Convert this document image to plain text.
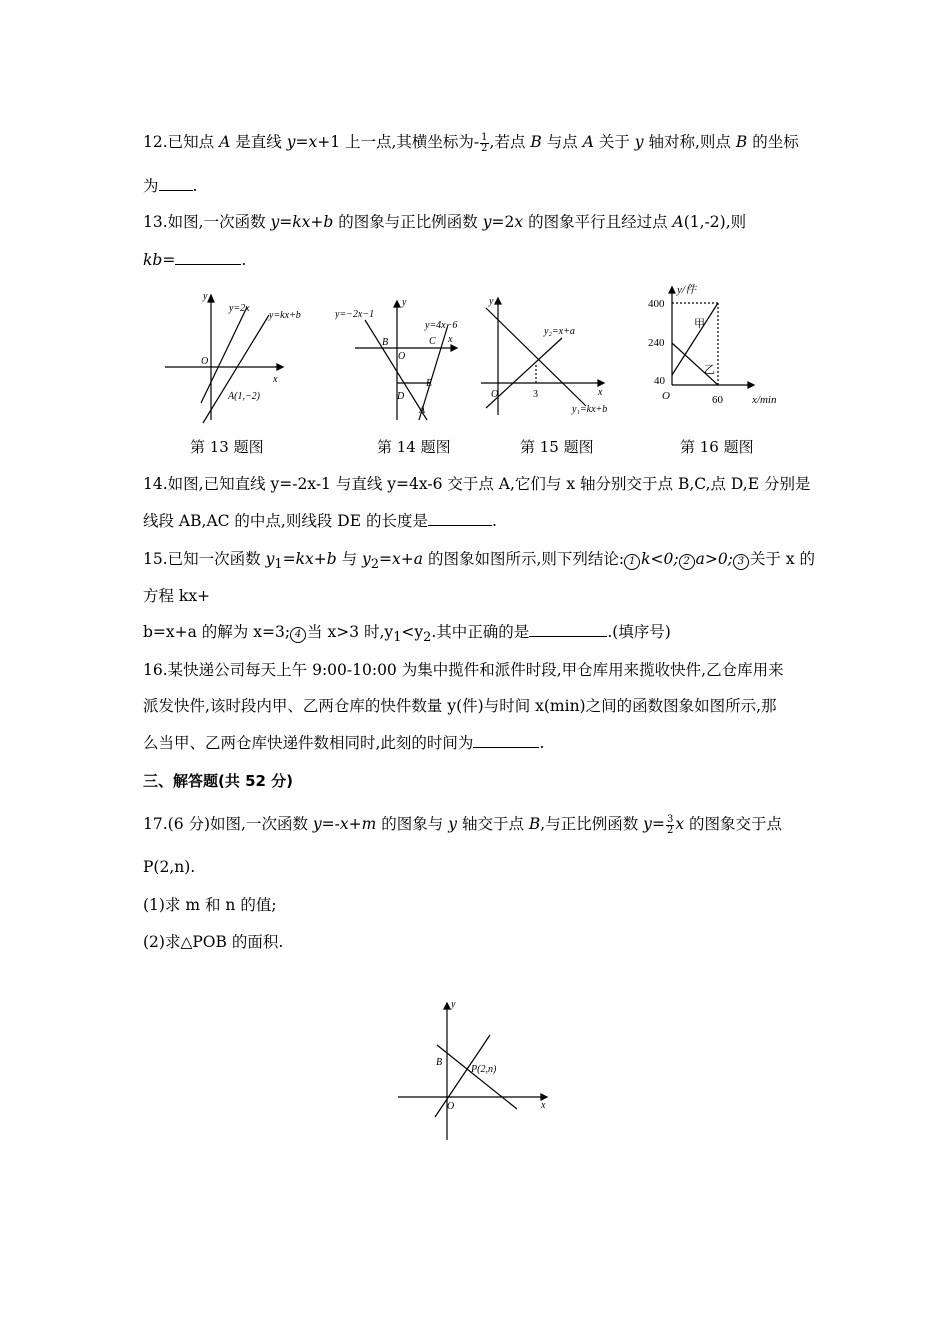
12.已知点 A 是直线 y=x+1 上一点,其横坐标为- $\frac{1}{2}$ ,若点 B 与点 A 关于 y 轴对称,则点 B 的坐标
为 .
13.如图,一次函数 y=kx+b 的图象与正比例函数 y=2x 的图象平行且经过点 A(1,-2),则
kb=	.
y
x
O
y=2x
y=kx+b
A(1,−2)
y
x
O
y=−2x−1
y=4x−6
B	C
D
E
A
y
x
O
y₂=x+a
y₁=kx+b
3
y/件
x/min
O
400
240
40
60
甲
乙
第 13 题图	第 14 题图	第 15 题图	第 16 题图
14.如图,已知直线 y=-2x-1 与直线 y=4x-6 交于点 A,它们与 x 轴分别交于点 B,C,点 D,E 分别是
线段 AB,AC 的中点,则线段 DE 的长度是	.
15.已知一次函数 $y_1=kx+b$ 与 $y_2=x+a$ 的图象如图所示,则下列结论: 1 k<0; 2 a>0; 3 关于 x 的
方程 kx+
b=x+a 的解为 x=3; 4 当 x>3 时$,y_1<y_2$.其中正确的是	.(填序号)
16.某快递公司每天上午 9:00-10:00 为集中揽件和派件时段,甲仓库用来揽收快件,乙仓库用来
派发快件,该时段内甲、乙两仓库的快件数量 y(件)与时间 x(min)之间的函数图象如图所示,那
么当甲、乙两仓库快递件数相同时,此刻的时间为	.
三、解答题(共 52 分)
17.(6 分)如图,一次函数 y=-x+m 的图象与 y 轴交于点 B,与正比例函数 $y= \frac{3}{2}$ x 的图象交于点
P(2,n).
(1)求 m 和 n 的值;
(2)求△POB 的面积.
y
x
O
B
P(2,n)
